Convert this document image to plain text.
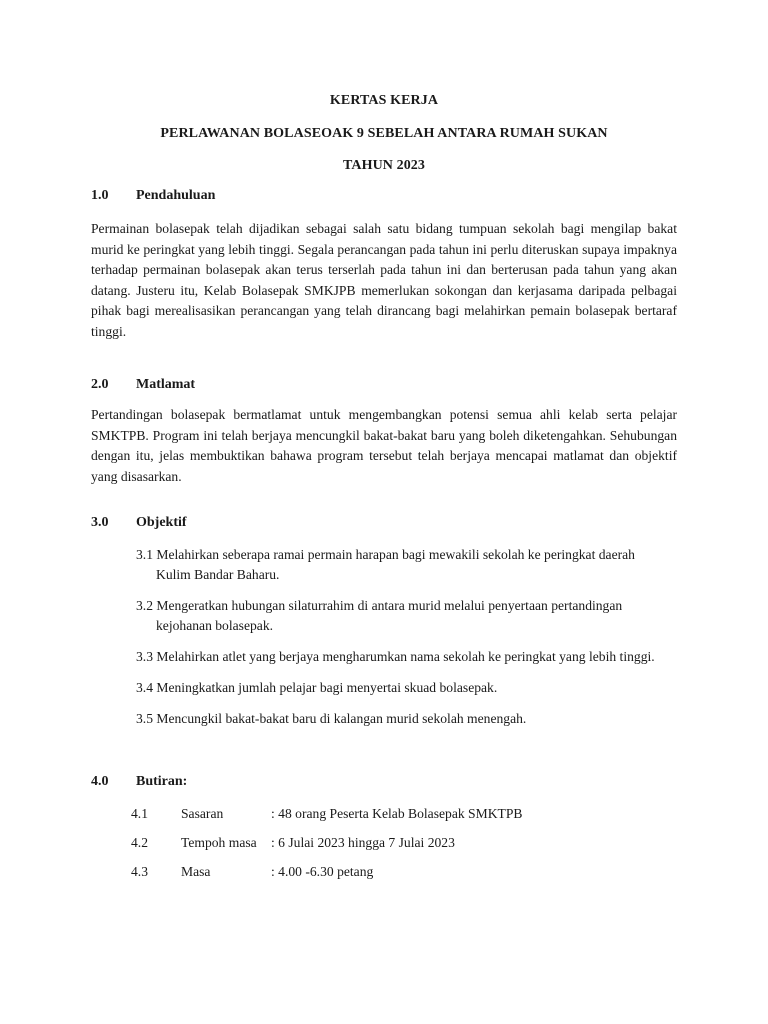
KERTAS KERJA
PERLAWANAN BOLASEOAK 9 SEBELAH ANTARA RUMAH SUKAN
TAHUN 2023
1.0 Pendahuluan

Permainan bolasepak telah dijadikan sebagai salah satu bidang tumpuan sekolah bagi mengilap bakat murid ke peringkat yang lebih tinggi. Segala perancangan pada tahun ini perlu diteruskan supaya impaknya terhadap permainan bolasepak akan terus terserlah pada tahun ini dan berterusan pada tahun yang akan datang. Justeru itu, Kelab Bolasepak SMKJPB memerlukan sokongan dan kerjasama daripada pelbagai pihak bagi merealisasikan perancangan yang telah dirancang bagi melahirkan pemain bolasepak bertaraf tinggi.

2.0 Matlamat

Pertandingan bolasepak bermatlamat untuk mengembangkan potensi semua ahli kelab serta pelajar SMKTPB. Program ini telah berjaya mencungkil bakat-bakat baru yang boleh diketengahkan. Sehubungan dengan itu, jelas membuktikan bahawa program tersebut telah berjaya mencapai matlamat dan objektif yang disasarkan.

3.0 Objektif
3.1 Melahirkan seberapa ramai permain harapan bagi mewakili sekolah ke peringkat daerah
Kulim Bandar Baharu.
3.2 Mengeratkan hubungan silaturrahim di antara murid melalui penyertaan pertandingan
kejohanan bolasepak.
3.3 Melahirkan atlet yang berjaya mengharumkan nama sekolah ke peringkat yang lebih tinggi.
3.4 Meningkatkan jumlah pelajar bagi menyertai skuad bolasepak.
3.5 Mencungkil bakat-bakat baru di kalangan murid sekolah menengah.
4.0 Butiran:
4.1 Sasaran	: 48 orang Peserta Kelab Bolasepak SMKTPB
4.2 Tempoh masa : 6 Julai 2023 hingga 7 Julai 2023
4.3 Masa	: 4.00 -6.30 petang
